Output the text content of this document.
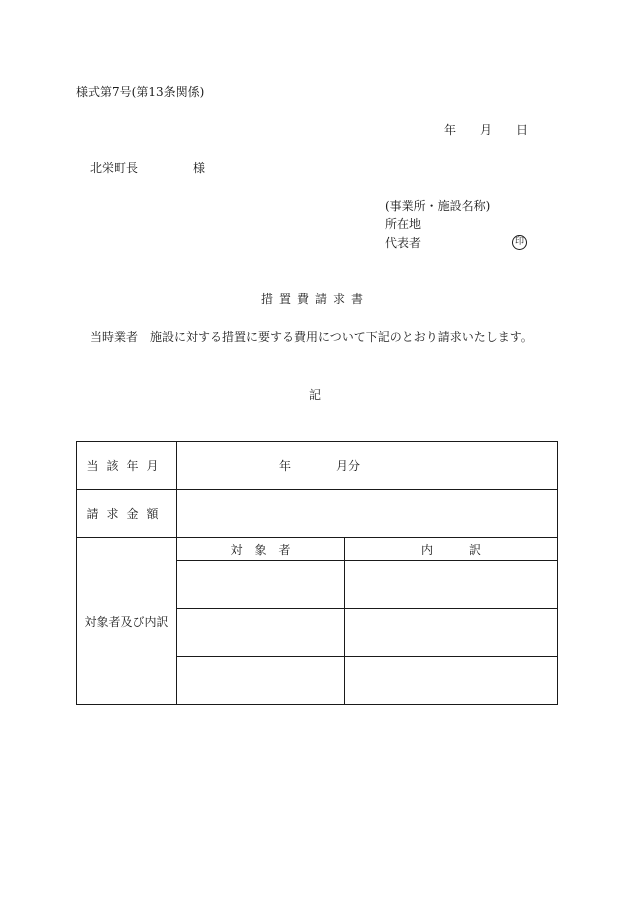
様式第7号(第13条関係)
年 月 日
北栄町長	様
(事業所・施設名称)
所在地
代表者	印
措置費請求書
当時業者　施設に対する措置に要する費用について下記のとおり請求いたします。
記
当該年月	年 月分	
請求金額		
対象者及び内訳	対　象　者	内　　　訳
